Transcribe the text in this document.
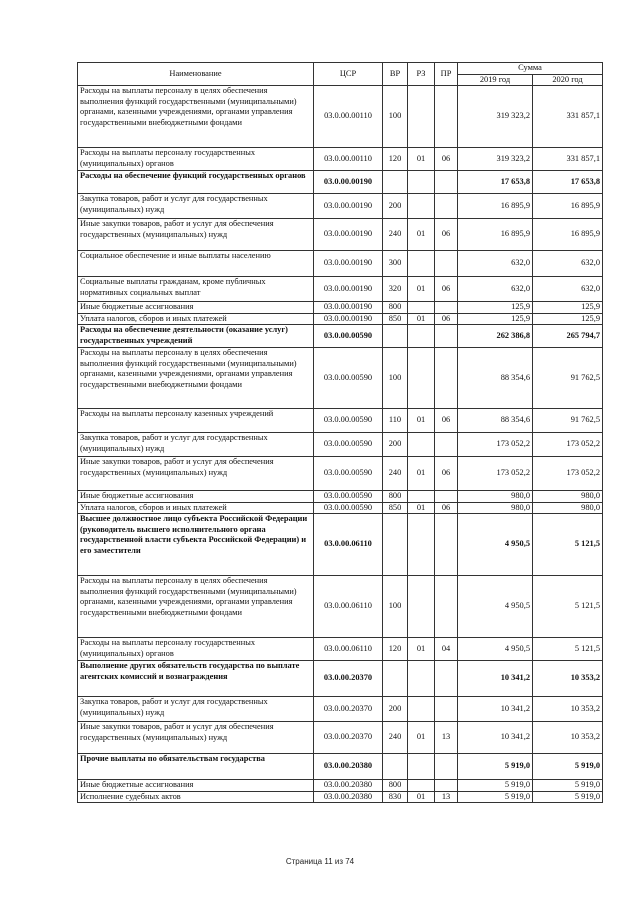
Наименование	ЦСР	ВР	РЗ	ПР	Сумма	
					2019 год	2020 год
Расходы на выплаты персоналу в целях обеспечения выполнения функций государственными (муниципальными) органами, казенными учреждениями, органами управления государственными внебюджетными фондами	03.0.00.00110	100			319 323,2	331 857,1
Расходы на выплаты персоналу государственных (муниципальных) органов	03.0.00.00110	120	01	06	319 323,2	331 857,1
Расходы на обеспечение функций государственных органов	03.0.00.00190				17 653,8	17 653,8
Закупка товаров, работ и услуг для государственных (муниципальных) нужд	03.0.00.00190	200			16 895,9	16 895,9
Иные закупки товаров, работ и услуг для обеспечения государственных (муниципальных) нужд	03.0.00.00190	240	01	06	16 895,9	16 895,9
Социальное обеспечение и иные выплаты населению	03.0.00.00190	300			632,0	632,0
Социальные выплаты гражданам, кроме публичных нормативных социальных выплат	03.0.00.00190	320	01	06	632,0	632,0
Иные бюджетные ассигнования	03.0.00.00190	800			125,9	125,9
Уплата налогов, сборов и иных платежей	03.0.00.00190	850	01	06	125,9	125,9
Расходы на обеспечение деятельности (оказание услуг) государственных учреждений	03.0.00.00590				262 386,8	265 794,7
Расходы на выплаты персоналу в целях обеспечения выполнения функций государственными (муниципальными) органами, казенными учреждениями, органами управления государственными внебюджетными фондами	03.0.00.00590	100			88 354,6	91 762,5
Расходы на выплаты персоналу казенных учреждений	03.0.00.00590	110	01	06	88 354,6	91 762,5
Закупка товаров, работ и услуг для государственных (муниципальных) нужд	03.0.00.00590	200			173 052,2	173 052,2
Иные закупки товаров, работ и услуг для обеспечения государственных (муниципальных) нужд	03.0.00.00590	240	01	06	173 052,2	173 052,2
Иные бюджетные ассигнования	03.0.00.00590	800			980,0	980,0
Уплата налогов, сборов и иных платежей	03.0.00.00590	850	01	06	980,0	980,0
Высшее должностное лицо субъекта Российской Федерации (руководитель высшего исполнительного органа государственной власти субъекта Российской Федерации) и его заместители	03.0.00.06110				4 950,5	5 121,5
Расходы на выплаты персоналу в целях обеспечения выполнения функций государственными (муниципальными) органами, казенными учреждениями, органами управления государственными внебюджетными фондами	03.0.00.06110	100			4 950,5	5 121,5
Расходы на выплаты персоналу государственных (муниципальных) органов	03.0.00.06110	120	01	04	4 950,5	5 121,5
Выполнение других обязательств государства по выплате агентских комиссий и вознаграждения	03.0.00.20370				10 341,2	10 353,2
Закупка товаров, работ и услуг для государственных (муниципальных) нужд	03.0.00.20370	200			10 341,2	10 353,2
Иные закупки товаров, работ и услуг для обеспечения государственных (муниципальных) нужд	03.0.00.20370	240	01	13	10 341,2	10 353,2
Прочие выплаты по обязательствам государства	03.0.00.20380				5 919,0	5 919,0
Иные бюджетные ассигнования	03.0.00.20380	800			5 919,0	5 919,0
Исполнение судебных актов	03.0.00.20380	830	01	13	5 919,0	5 919,0
Страница 11 из 74
